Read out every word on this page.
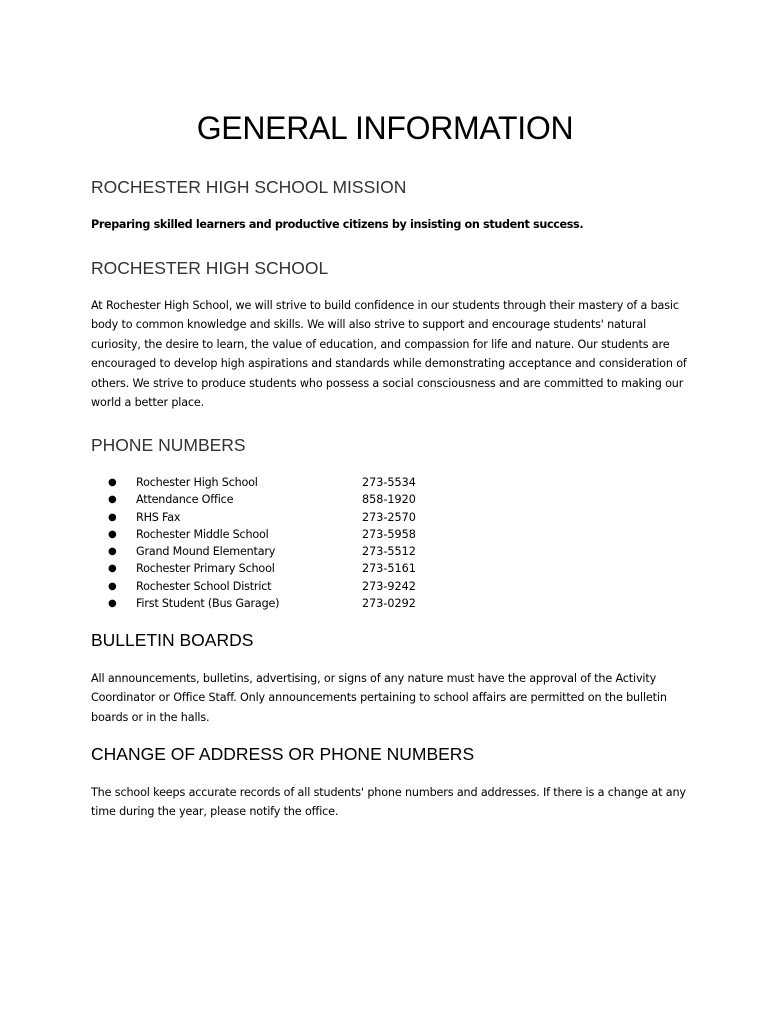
GENERAL INFORMATION
ROCHESTER HIGH SCHOOL MISSION

Preparing skilled learners and productive citizens by insisting on student success.

ROCHESTER HIGH SCHOOL

At Rochester High School, we will strive to build confidence in our students through their mastery of a basic body to common knowledge and skills. We will also strive to support and encourage students' natural curiosity, the desire to learn, the value of education, and compassion for life and nature. Our students are encouraged to develop high aspirations and standards while demonstrating acceptance and consideration of others. We strive to produce students who possess a social consciousness and are committed to making our world a better place.

PHONE NUMBERS
● Rochester High School	273-5534
● Attendance Office	858-1920
● RHS Fax	273-2570
● Rochester Middle School	273-5958
● Grand Mound Elementary	273-5512
● Rochester Primary School	273-5161
● Rochester School District	273-9242
● First Student (Bus Garage)	273-0292
BULLETIN BOARDS

All announcements, bulletins, advertising, or signs of any nature must have the approval of the Activity Coordinator or Office Staff. Only announcements pertaining to school affairs are permitted on the bulletin boards or in the halls.

CHANGE OF ADDRESS OR PHONE NUMBERS

The school keeps accurate records of all students' phone numbers and addresses. If there is a change at any time during the year, please notify the office.
